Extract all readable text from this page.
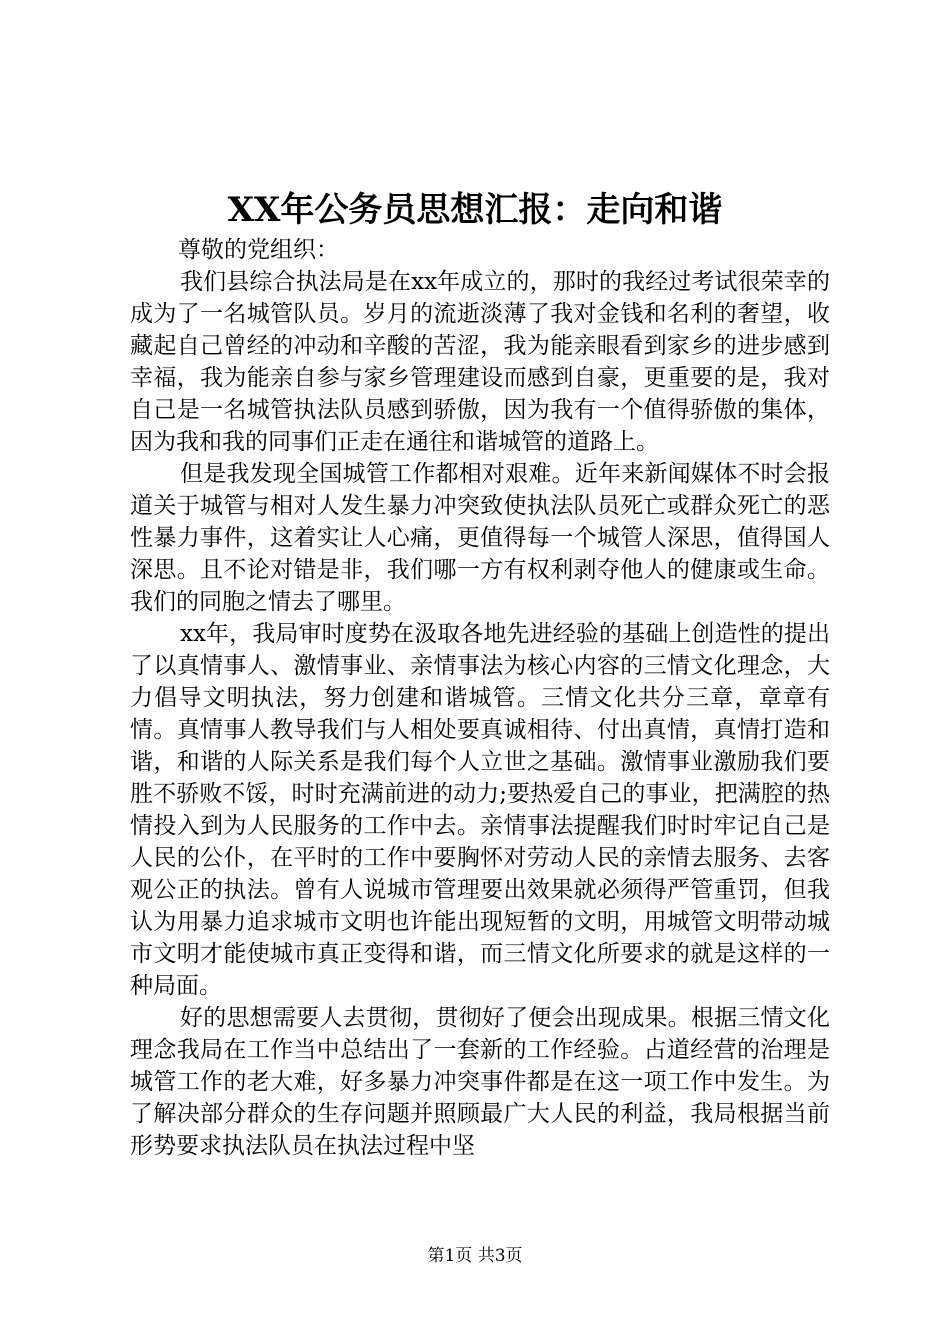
XX年公务员思想汇报：走向和谐

尊敬的党组织：

我们县综合执法局是在xx年成立的，那时的我经过考试很荣幸的成为了一名城管队员。岁月的流逝淡薄了我对金钱和名利的奢望，收藏起自己曾经的冲动和辛酸的苦涩，我为能亲眼看到家乡的进步感到幸福，我为能亲自参与家乡管理建设而感到自豪，更重要的是，我对自己是一名城管执法队员感到骄傲，因为我有一个值得骄傲的集体，因为我和我的同事们正走在通往和谐城管的道路上。

但是我发现全国城管工作都相对艰难。近年来新闻媒体不时会报道关于城管与相对人发生暴力冲突致使执法队员死亡或群众死亡的恶性暴力事件，这着实让人心痛，更值得每一个城管人深思，值得国人深思。且不论对错是非，我们哪一方有权利剥夺他人的健康或生命。我们的同胞之情去了哪里。

xx年，我局审时度势在汲取各地先进经验的基础上创造性的提出了以真情事人、激情事业、亲情事法为核心内容的三情文化理念，大力倡导文明执法，努力创建和谐城管。三情文化共分三章，章章有情。真情事人教导我们与人相处要真诚相待、付出真情，真情打造和谐，和谐的人际关系是我们每个人立世之基础。激情事业激励我们要胜不骄败不馁，时时充满前进的动力;要热爱自己的事业，把满腔的热情投入到为人民服务的工作中去。亲情事法提醒我们时时牢记自己是人民的公仆，在平时的工作中要胸怀对劳动人民的亲情去服务、去客观公正的执法。曾有人说城市管理要出效果就必须得严管重罚，但我认为用暴力追求城市文明也许能出现短暂的文明，用城管文明带动城市文明才能使城市真正变得和谐，而三情文化所要求的就是这样的一种局面。

好的思想需要人去贯彻，贯彻好了便会出现成果。根据三情文化理念我局在工作当中总结出了一套新的工作经验。占道经营的治理是城管工作的老大难，好多暴力冲突事件都是在这一项工作中发生。为了解决部分群众的生存问题并照顾最广大人民的利益，我局根据当前形势要求执法队员在执法过程中坚

第1页 共3页
